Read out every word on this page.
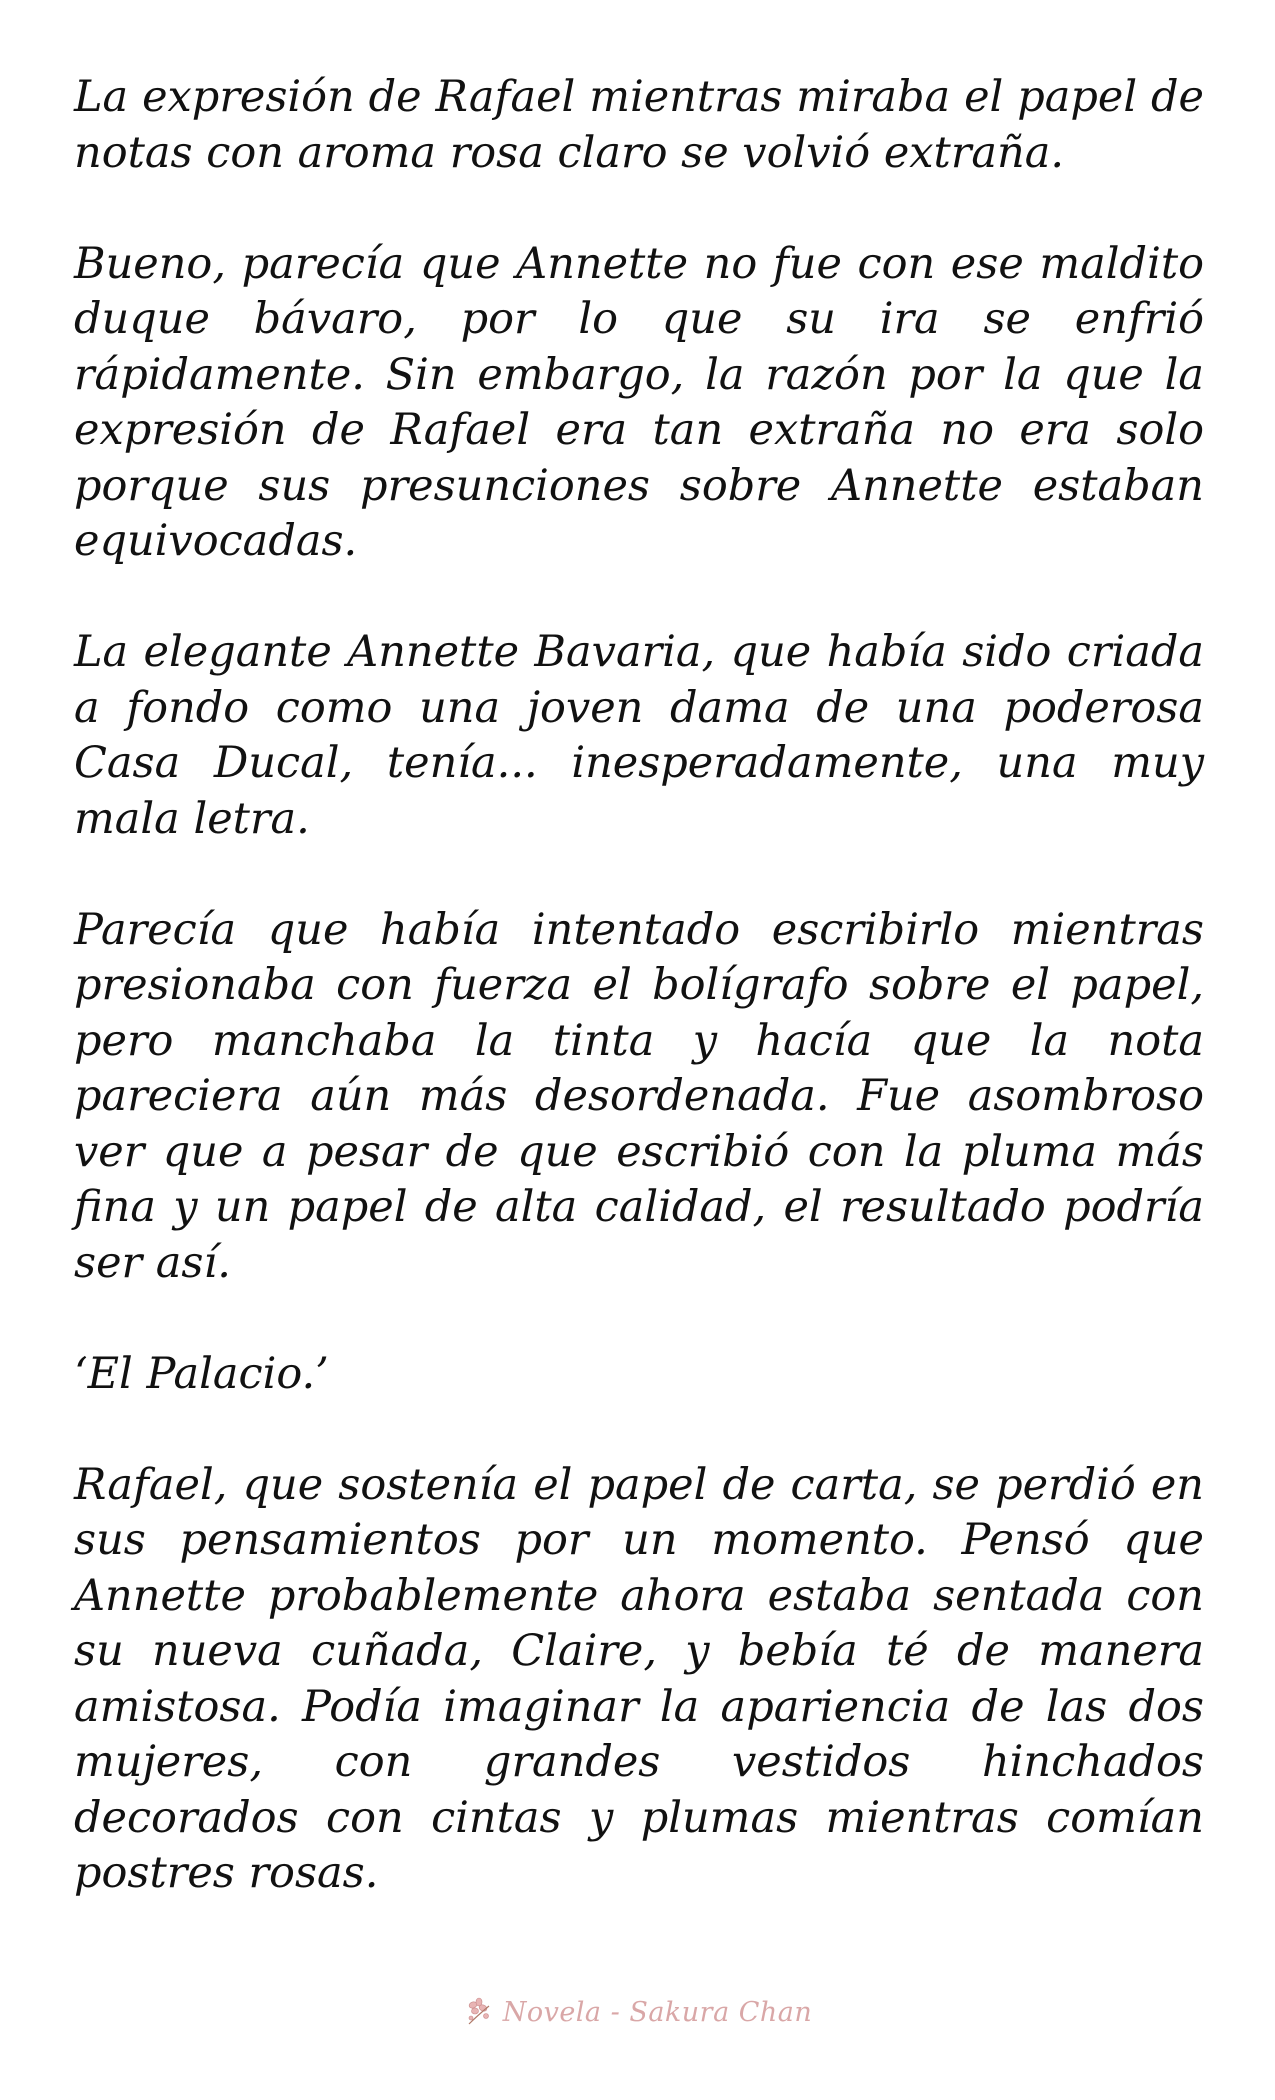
La expresión de Rafael mientras miraba el papel de notas con aroma rosa claro se volvió extraña.

Bueno, parecía que Annette no fue con ese maldito duque bávaro, por lo que su ira se enfrió rápidamente. Sin embargo, la razón por la que la expresión de Rafael era tan extraña no era solo porque sus presunciones sobre Annette estaban equivocadas.

La elegante Annette Bavaria, que había sido criada a fondo como una joven dama de una poderosa Casa Ducal, tenía... inesperadamente, una muy mala letra.

Parecía que había intentado escribirlo mientras presionaba con fuerza el bolígrafo sobre el papel, pero manchaba la tinta y hacía que la nota pareciera aún más desordenada. Fue asombroso ver que a pesar de que escribió con la pluma más fina y un papel de alta calidad, el resultado podría ser así.

‘El Palacio.’

Rafael, que sostenía el papel de carta, se perdió en sus pensamientos por un momento. Pensó que Annette probablemente ahora estaba sentada con su nueva cuñada, Claire, y bebía té de manera amistosa. Podía imaginar la apariencia de las dos mujeres, con grandes vestidos hinchados decorados con cintas y plumas mientras comían postres rosas.

Novela - Sakura Chan
